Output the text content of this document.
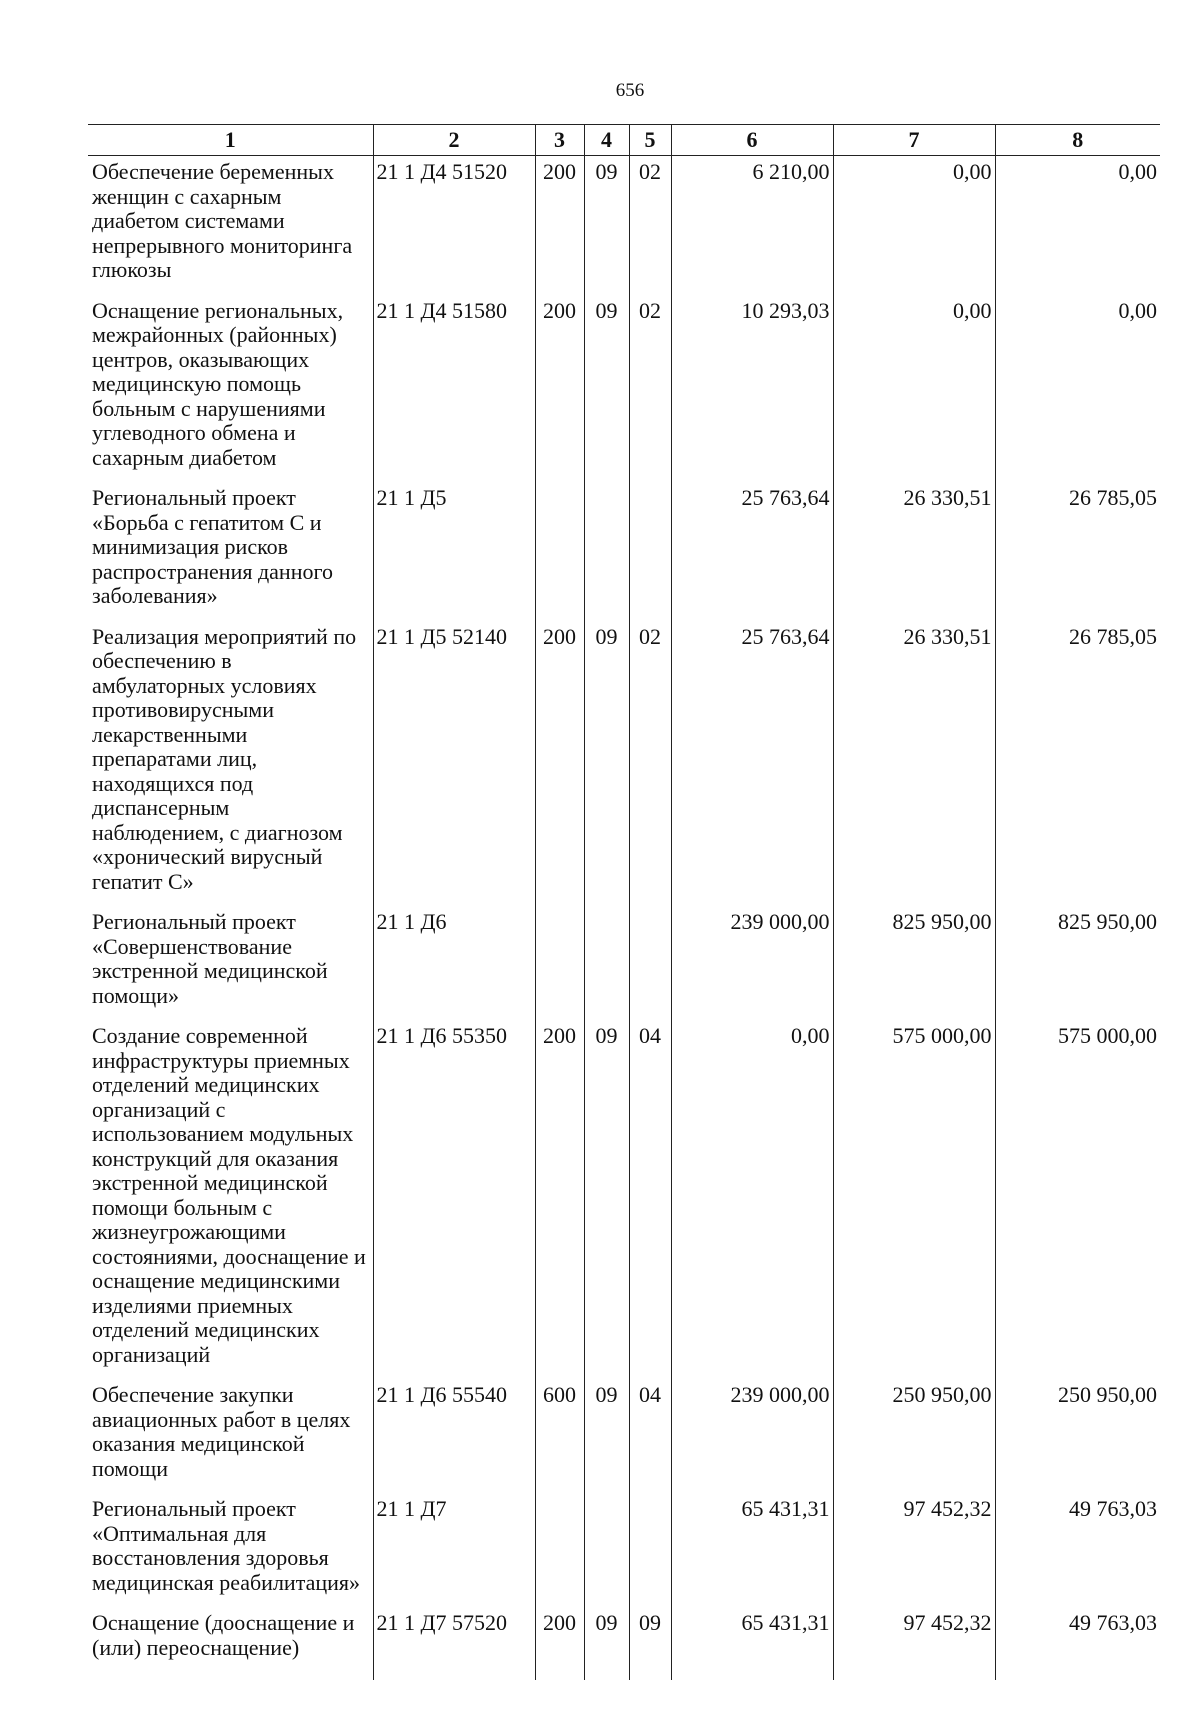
656
1	2	3	4	5	6	7	8
Обеспечение беременных женщин с сахарным диабетом системами непрерывного мониторинга глюкозы	21 1 Д4 51520	200	09	02	6 210,00	0,00	0,00
Оснащение региональных, межрайонных (районных) центров, оказывающих медицинскую помощь больным с нарушениями углеводного обмена и сахарным диабетом	21 1 Д4 51580	200	09	02	10 293,03	0,00	0,00
Региональный проект «Борьба с гепатитом С и минимизация рисков распространения данного заболевания»	21 1 Д5				25 763,64	26 330,51	26 785,05
Реализация мероприятий по обеспечению в амбулаторных условиях противовирусными лекарственными препаратами лиц, находящихся под диспансерным наблюдением, с диагнозом «хронический вирусный гепатит С»	21 1 Д5 52140	200	09	02	25 763,64	26 330,51	26 785,05
Региональный проект «Совершенствование экстренной медицинской помощи»	21 1 Д6				239 000,00	825 950,00	825 950,00
Создание современной инфраструктуры приемных отделений медицинских организаций с использованием модульных конструкций для оказания экстренной медицинской помощи больным с жизнеугрожающими состояниями, дооснащение и оснащение медицинскими изделиями приемных отделений медицинских организаций	21 1 Д6 55350	200	09	04	0,00	575 000,00	575 000,00
Обеспечение закупки авиационных работ в целях оказания медицинской помощи	21 1 Д6 55540	600	09	04	239 000,00	250 950,00	250 950,00
Региональный проект «Оптимальная для восстановления здоровья медицинская реабилитация»	21 1 Д7				65 431,31	97 452,32	49 763,03
Оснащение (дооснащение и (или) переоснащение)	21 1 Д7 57520	200	09	09	65 431,31	97 452,32	49 763,03
